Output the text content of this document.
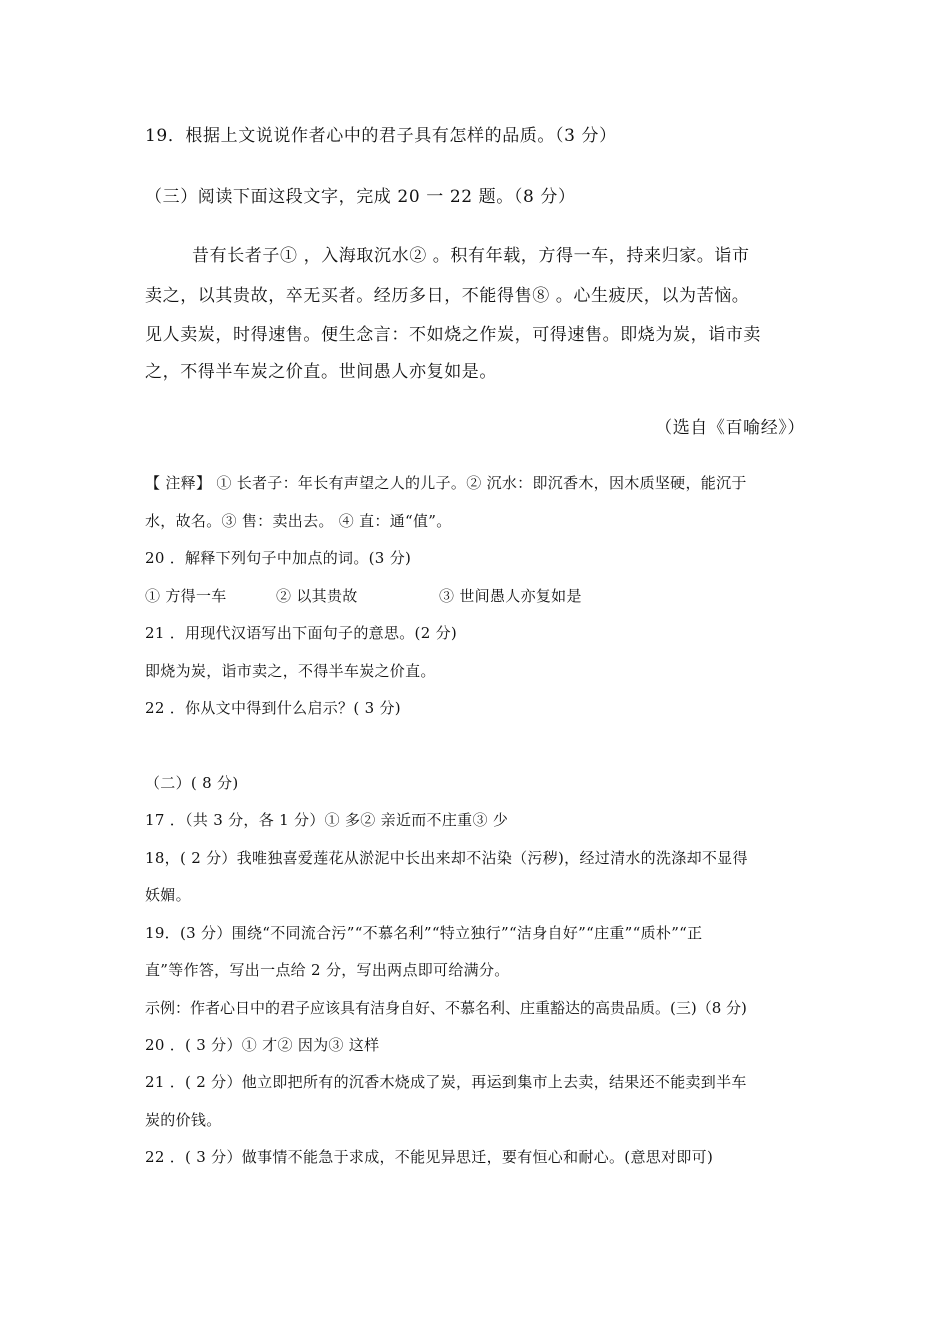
19．根据上文说说作者心中的君子具有怎样的品质。（3 分）
（三）阅读下面这段文字，完成 20 一 22 题。（8 分）
昔有长者子① ，入海取沉水② 。积有年载，方得一车，持来归家。诣市
卖之，以其贵故，卒无买者。经历多日，不能得售⑧ 。心生疲厌，以为苦恼。
见人卖炭，时得速售。便生念言：不如烧之作炭，可得速售。即烧为炭，诣市卖
之，不得半车炭之价直。世间愚人亦复如是。
（选自《百喻经》）
【 注释】 ① 长者子：年长有声望之人的儿子。② 沉水：即沉香木，因木质坚硬，能沉于
水，故名。③ 售：卖出去。 ④ 直：通“值”。
20 ．解释下列句子中加点的词。(3 分)
① 方得一车	② 以其贵故	③ 世间愚人亦复如是
21 ．用现代汉语写出下面句子的意思。(2 分)
即烧为炭，诣市卖之，不得半车炭之价直。
22 ．你从文中得到什么启示？( 3 分)
（二）( 8 分)
17 ．（共 3 分，各 1 分）① 多② 亲近而不庄重③ 少
18，( 2 分）我唯独喜爱莲花从淤泥中长出来却不沾染（污秽)，经过清水的洗涤却不显得
妖媚。
19．(3 分）围绕“不同流合污”“不慕名利”“特立独行”“洁身自好”“庄重”“质朴”“正
直”等作答，写出一点给 2 分，写出两点即可给满分。
示例：作者心日中的君子应该具有洁身自好、不慕名利、庄重豁达的高贵品质。(三)（8 分)
20 ．( 3 分）① 才② 因为③ 这样
21 ．( 2 分）他立即把所有的沉香木烧成了炭，再运到集市上去卖，结果还不能卖到半车
炭的价钱。
22 ．( 3 分）做事情不能急于求成，不能见异思迁，要有恒心和耐心。(意思对即可)
